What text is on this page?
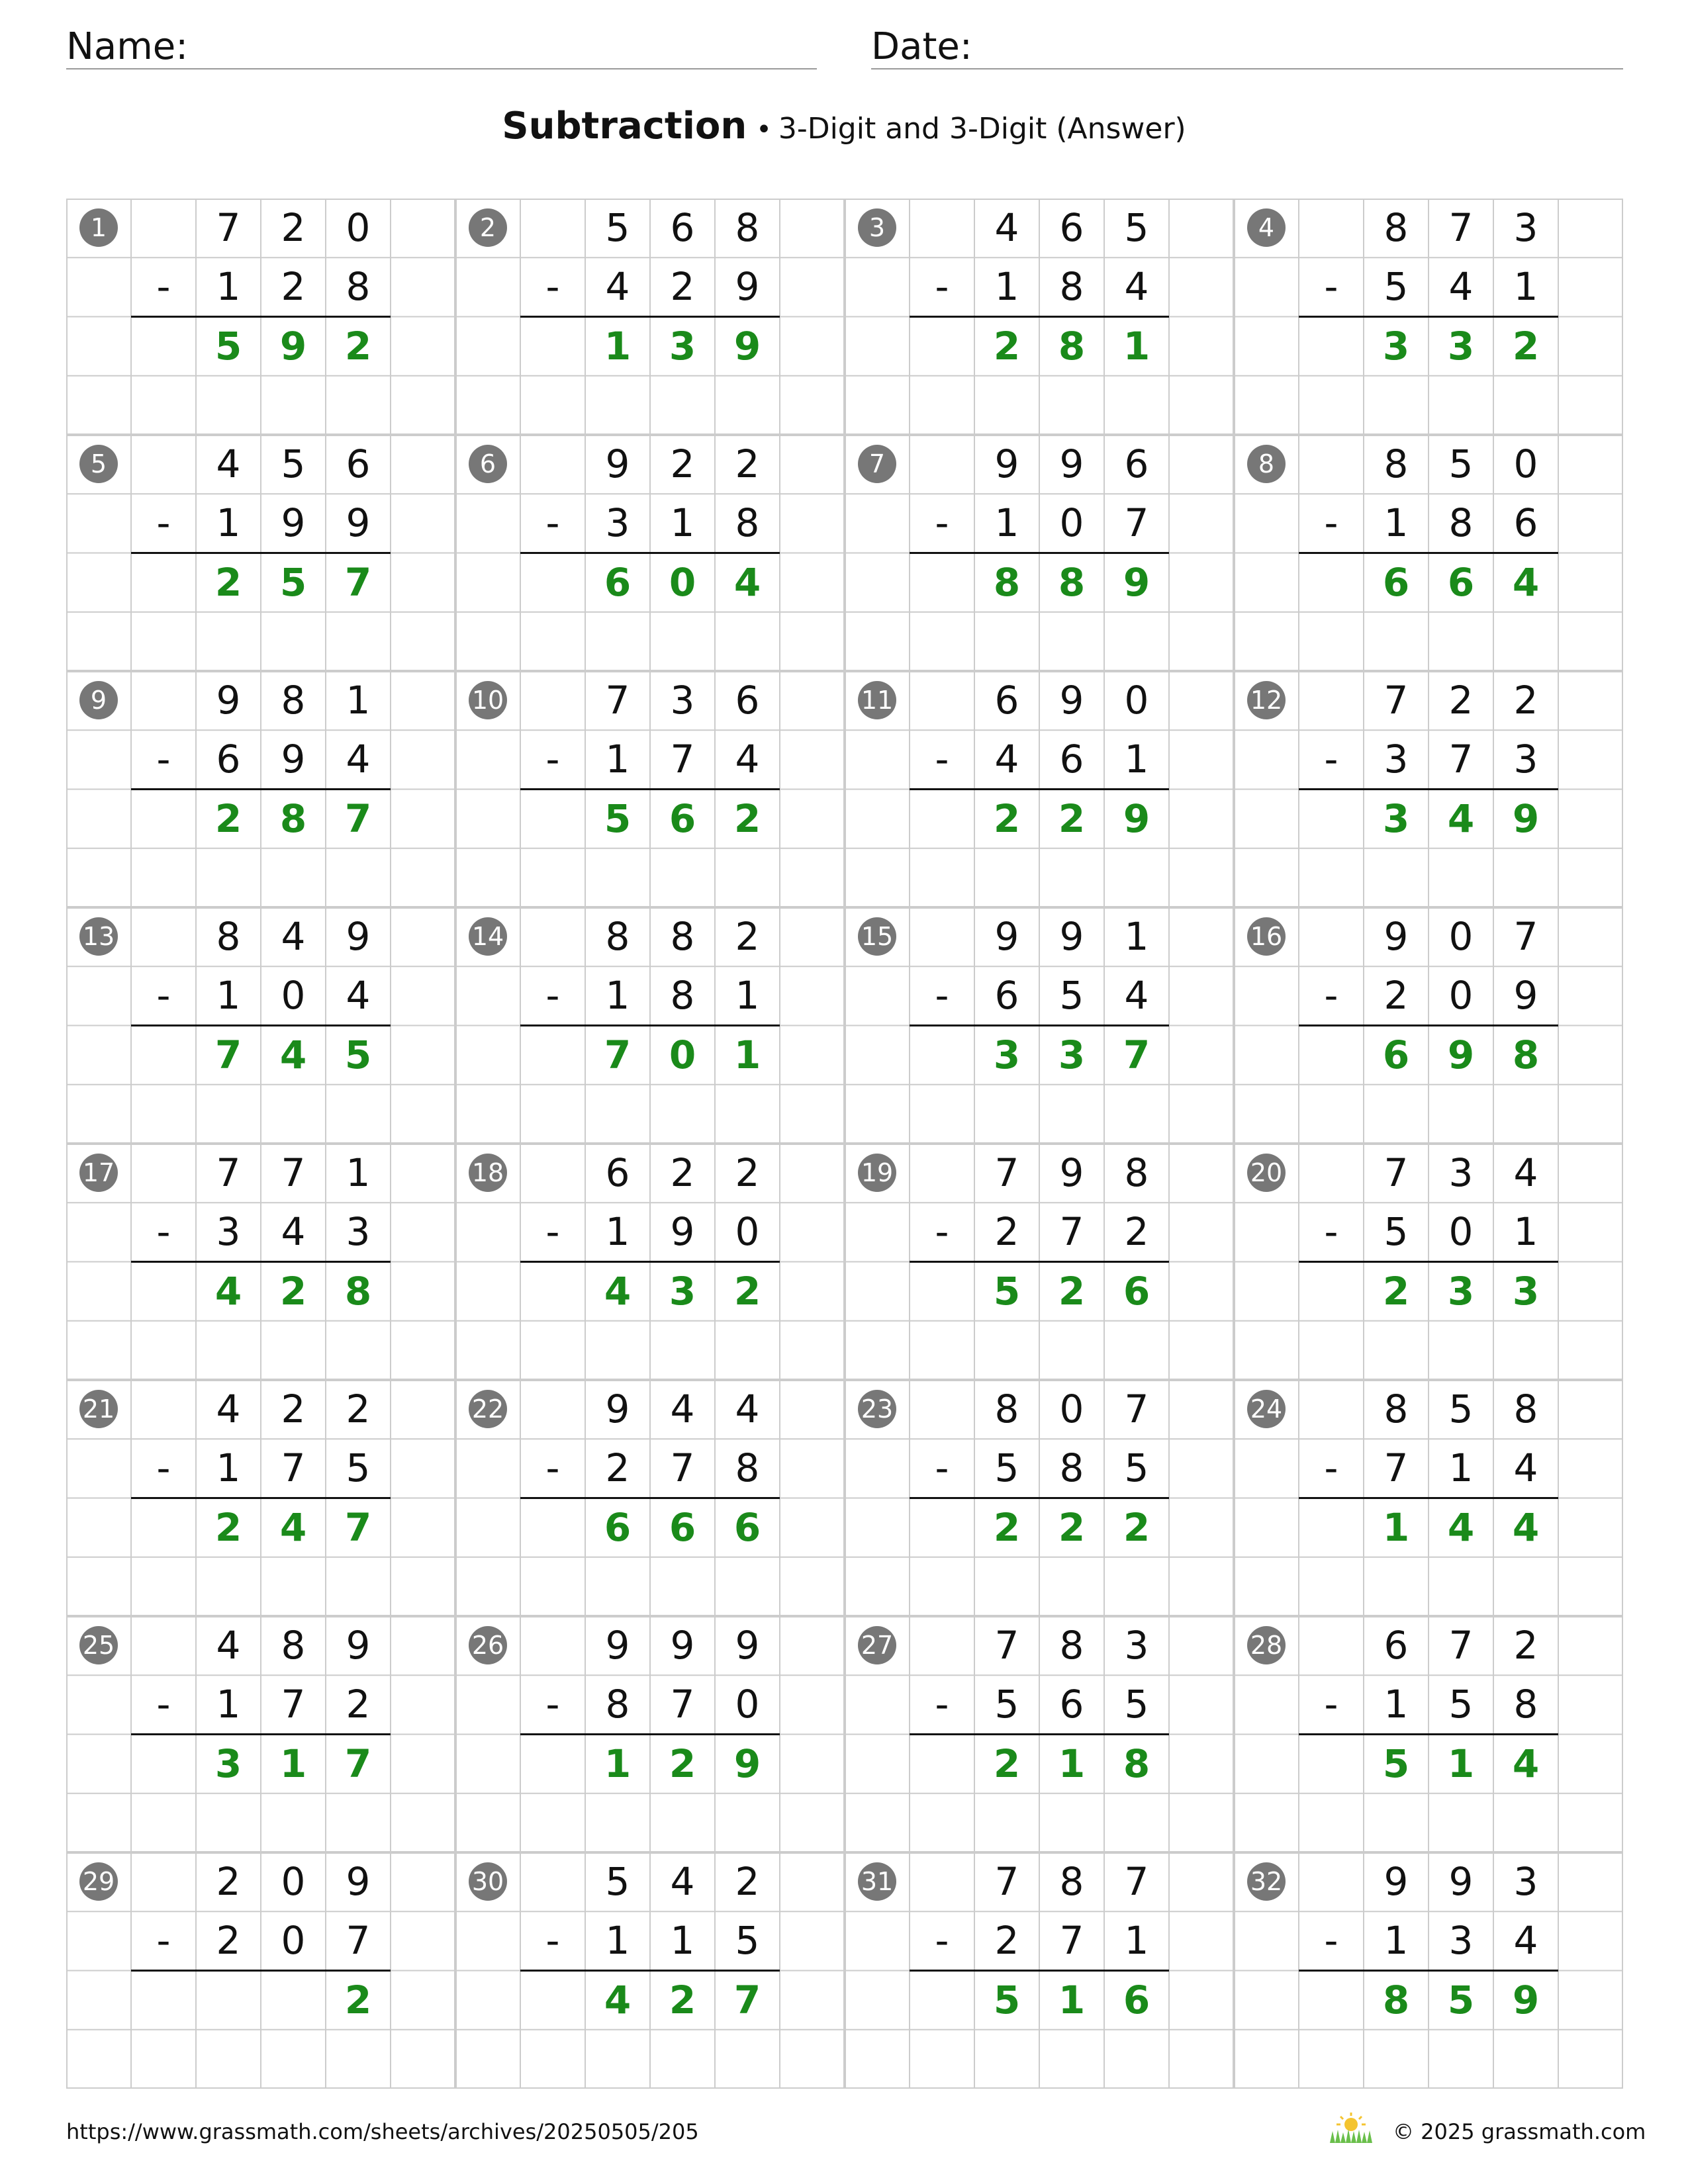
Name:	Date:
Subtraction • 3-Digit and 3-Digit (Answer)
1	7	2	0
-	1	2	8
5 9 2
2	5	6	8
-	4	2	9
1 3 9
3	4	6	5
-	1	8	4
2 8 1
4	8	7	3
-	5	4	1
3 3 2
5	4	5	6
-	1	9	9
2 5 7
6	9	2	2
-	3	1	8
6 0 4
7	9	9	6
-	1	0	7
8 8 9
8	8	5	0
-	1	8	6
6 6 4
9	9	8	1
-	6	9	4
2 8 7
10	7	3	6
-	1	7	4
5 6 2
11	6	9	0
-	4	6	1
2 2 9
12	7	2	2
-	3	7	3
3 4 9
13	8	4	9
-	1	0	4
7 4 5
14	8	8	2
-	1	8	1
7 0 1
15	9	9	1
-	6	5	4
3 3 7
16	9	0	7
-	2	0	9
6 9 8
17	7	7	1
-	3	4	3
4 2 8
18	6	2	2
-	1	9	0
4 3 2
19	7	9	8
-	2	7	2
5 2 6
20	7	3	4
-	5	0	1
2 3 3
21	4	2	2
-	1	7	5
2 4 7
22	9	4	4
-	2	7	8
6 6 6
23	8	0	7
-	5	8	5
2 2 2
24	8	5	8
-	7	1	4
1 4 4
25	4	8	9
-	1	7	2
3 1 7
26	9	9	9
-	8	7	0
1 2 9
27	7	8	3
-	5	6	5
2 1 8
28	6	7	2
-	1	5	8
5 1 4
29	2	0	9
-	2	0	7
2
30	5	4	2
-	1	1	5
4 2 7
31	7	8	7
-	2	7	1
5 1 6
32	9	9	3
-	1	3	4
8 5 9
https://www.grassmath.com/sheets/archives/20250505/205	© 2025 grassmath.com
